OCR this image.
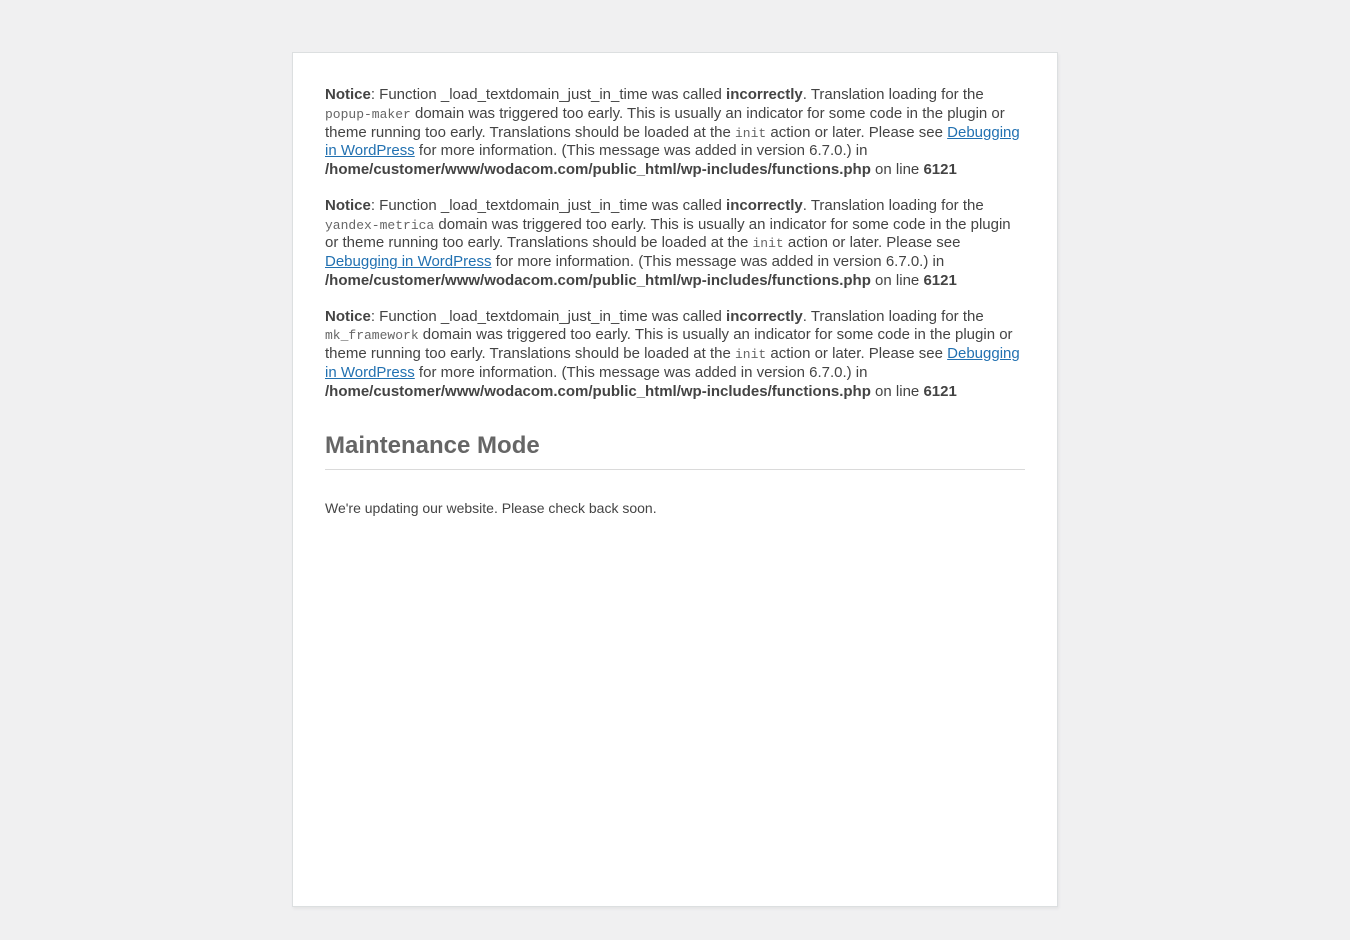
Notice: Function _load_textdomain_just_in_time was called incorrectly. Translation loading for the popup-maker domain was triggered too early. This is usually an indicator for some code in the plugin or theme running too early. Translations should be loaded at the init action or later. Please see Debugging in WordPress for more information. (This message was added in version 6.7.0.) in /home/customer/www/wodacom.com/public_html/wp-includes/functions.php on line 6121

Notice: Function _load_textdomain_just_in_time was called incorrectly. Translation loading for the yandex-metrica domain was triggered too early. This is usually an indicator for some code in the plugin or theme running too early. Translations should be loaded at the init action or later. Please see Debugging in WordPress for more information. (This message was added in version 6.7.0.) in /home/customer/www/wodacom.com/public_html/wp-includes/functions.php on line 6121

Notice: Function _load_textdomain_just_in_time was called incorrectly. Translation loading for the mk_framework domain was triggered too early. This is usually an indicator for some code in the plugin or theme running too early. Translations should be loaded at the init action or later. Please see Debugging in WordPress for more information. (This message was added in version 6.7.0.) in /home/customer/www/wodacom.com/public_html/wp-includes/functions.php on line 6121

Maintenance Mode

We're updating our website. Please check back soon.
